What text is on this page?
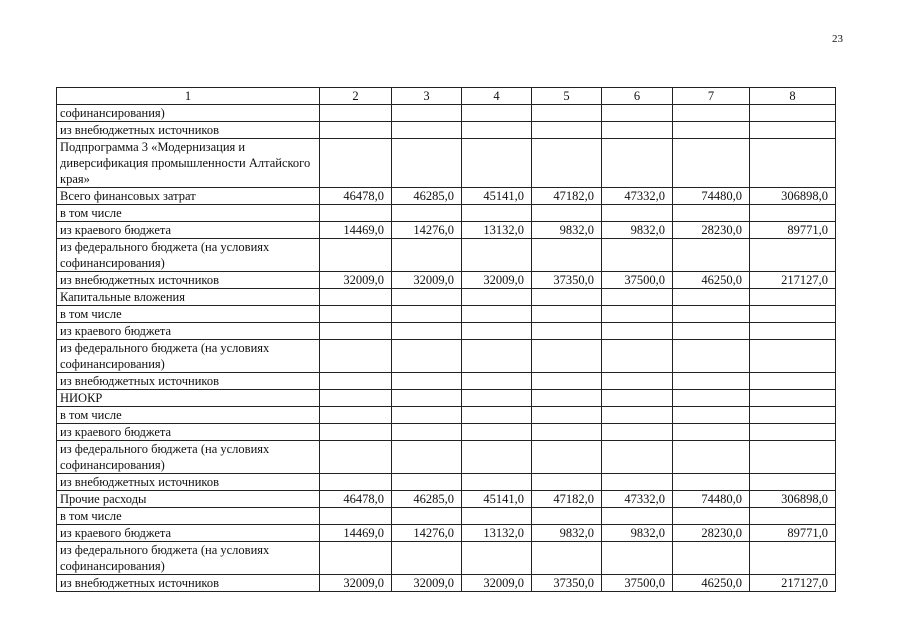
23
1	2	3	4	5	6	7	8
софинансирования)							
из внебюджетных источников							
Подпрограмма 3 «Модернизация и диверсификация промышленности Алтайского края»							
Всего финансовых затрат	46478,0	46285,0	45141,0	47182,0	47332,0	74480,0	306898,0
в том числе							
из краевого бюджета	14469,0	14276,0	13132,0	9832,0	9832,0	28230,0	89771,0
из федерального бюджета (на условиях софинансирования)							
из внебюджетных источников	32009,0	32009,0	32009,0	37350,0	37500,0	46250,0	217127,0
Капитальные вложения							
в том числе							
из краевого бюджета							
из федерального бюджета (на условиях софинансирования)							
из внебюджетных источников							
НИОКР							
в том числе							
из краевого бюджета							
из федерального бюджета (на условиях софинансирования)							
из внебюджетных источников							
Прочие расходы	46478,0	46285,0	45141,0	47182,0	47332,0	74480,0	306898,0
в том числе							
из краевого бюджета	14469,0	14276,0	13132,0	9832,0	9832,0	28230,0	89771,0
из федерального бюджета (на условиях софинансирования)							
из внебюджетных источников	32009,0	32009,0	32009,0	37350,0	37500,0	46250,0	217127,0
